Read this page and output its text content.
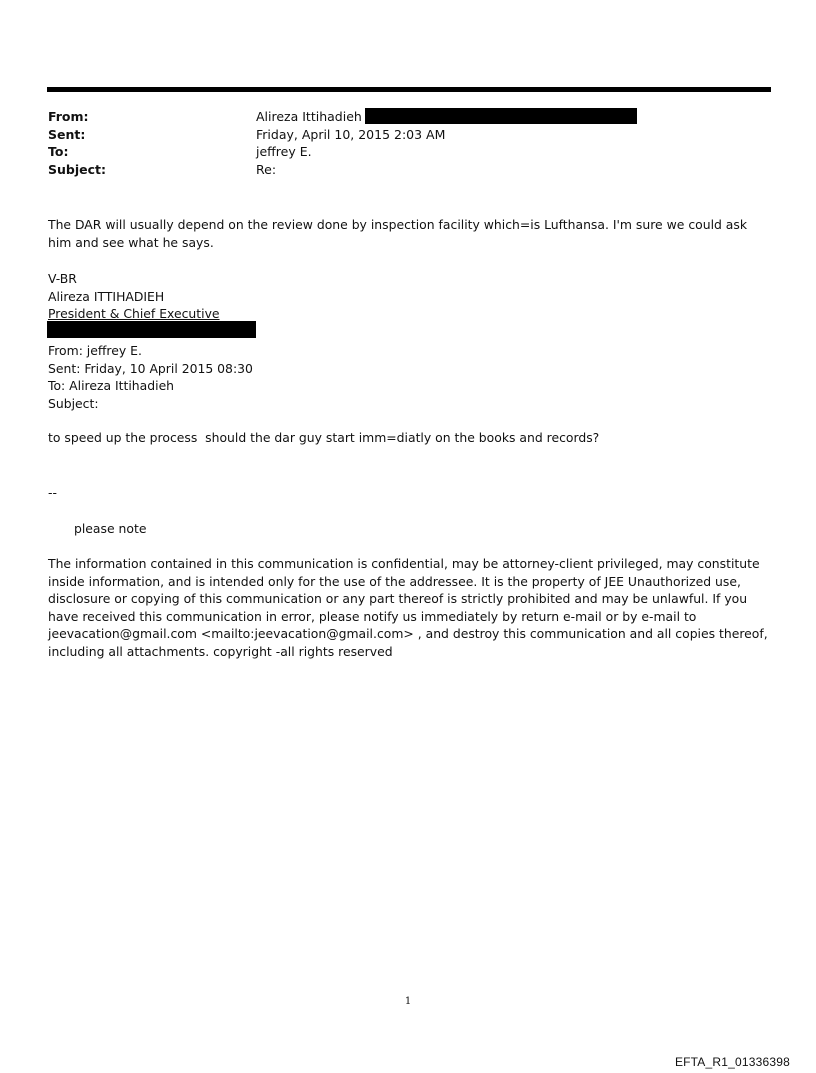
From:	Alireza Ittihadieh
Sent:	Friday, April 10, 2015 2:03 AM
To:	jeffrey E.
Subject:	Re:
The DAR will usually depend on the review done by inspection facility which=is Lufthansa. I'm sure we could ask him and see what he says.
V-BR
Alireza ITTIHADIEH
President & Chief Executive
From: jeffrey E.
Sent: Friday, 10 April 2015 08:30
To: Alireza Ittihadieh
Subject:
to speed up the process  should the dar guy start imm=diatly on the books and records?
--
please note
The information contained in this communication is confidential, may be attorney-client privileged, may constitute inside information, and is intended only for the use of the addressee. It is the property of JEE Unauthorized use, disclosure or copying of this communication or any part thereof is strictly prohibited and may be unlawful. If you have received this communication in error, please notify us immediately by return e-mail or by e-mail to jeevacation@gmail.com <mailto:jeevacation@gmail.com> , and destroy this communication and all copies thereof, including all attachments. copyright -all rights reserved
1
EFTA_R1_01336398
